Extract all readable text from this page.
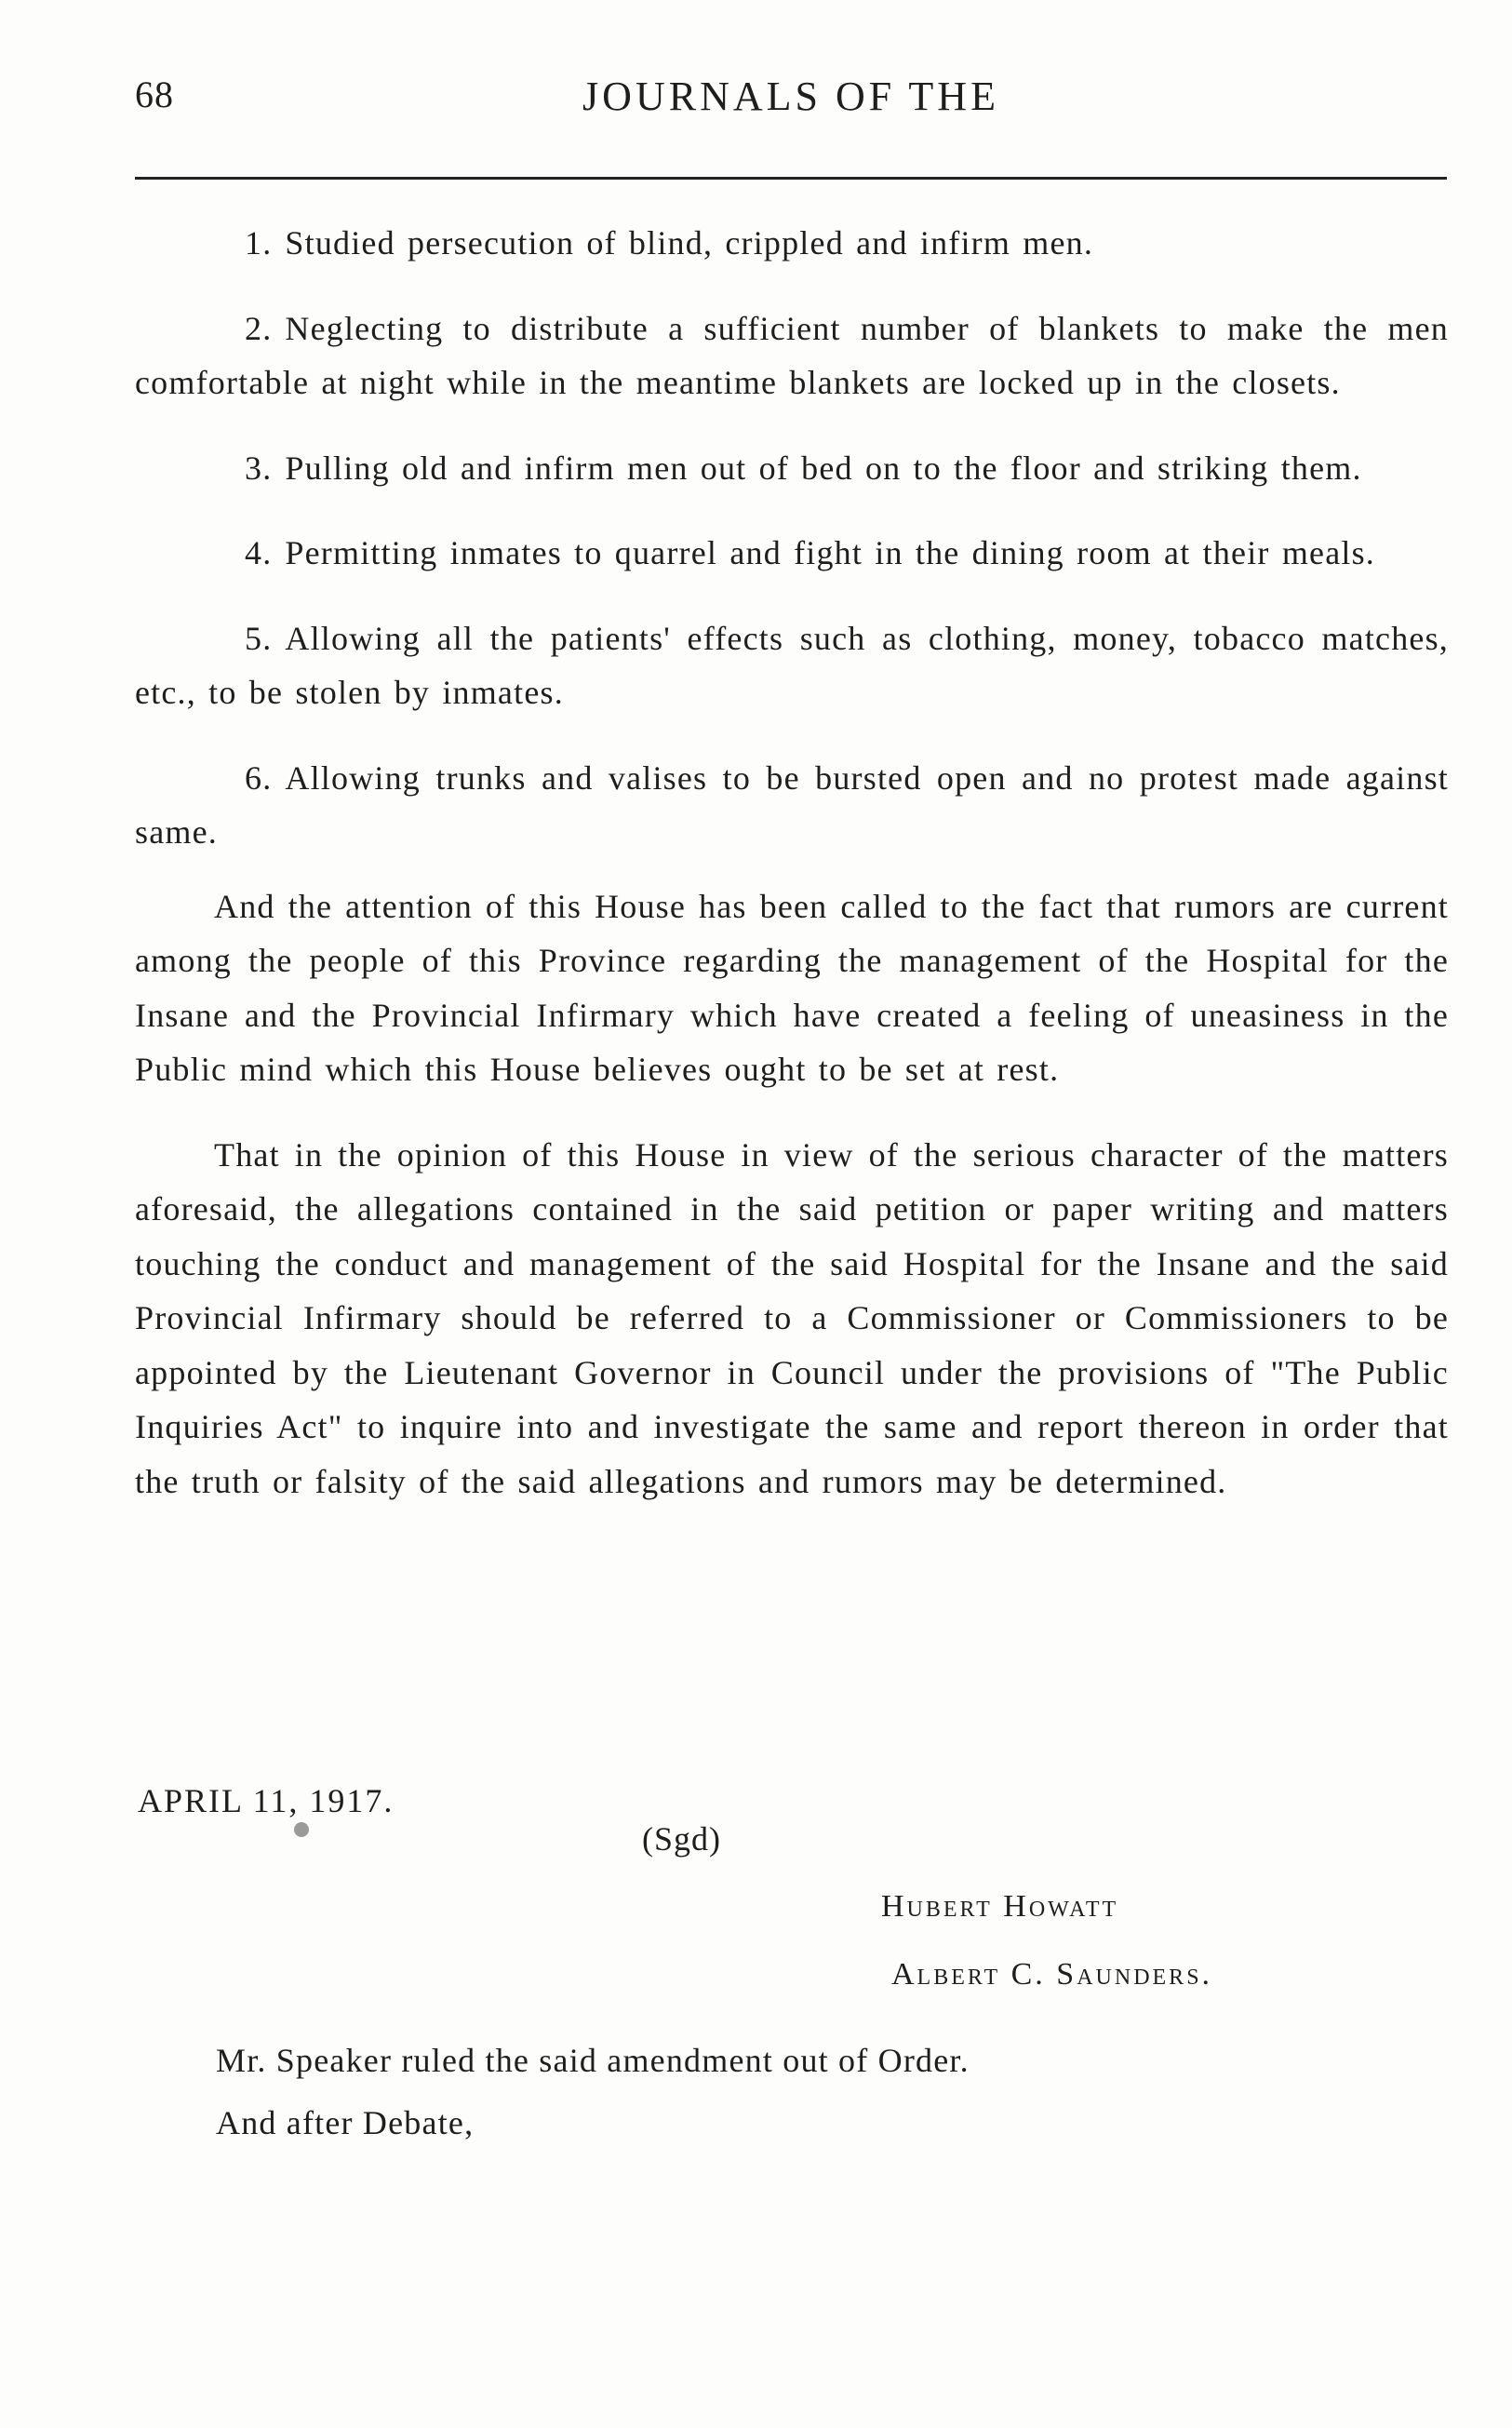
68	JOURNALS OF THE

1. Studied persecution of blind, crippled and infirm men.

2. Neglecting to distribute a sufficient number of blankets to make the men comfortable at night while in the meantime blankets are locked up in the closets.

3. Pulling old and infirm men out of bed on to the floor and striking them.

4. Permitting inmates to quarrel and fight in the dining room at their meals.

5. Allowing all the patients' effects such as clothing, money, tobacco matches, etc., to be stolen by inmates.

6. Allowing trunks and valises to be bursted open and no protest made against same.

And the attention of this House has been called to the fact that rumors are current among the people of this Province regarding the management of the Hospital for the Insane and the Provincial Infirmary which have created a feeling of uneasiness in the Public mind which this House believes ought to be set at rest.

That in the opinion of this House in view of the serious character of the matters aforesaid, the allegations contained in the said petition or paper writing and matters touching the conduct and management of the said Hospital for the Insane and the said Provincial Infirmary should be referred to a Commissioner or Commissioners to be appointed by the Lieutenant Governor in Council under the provisions of "The Public Inquiries Act" to inquire into and investigate the same and report thereon in order that the truth or falsity of the said allegations and rumors may be determined.

APRIL 11, 1917.
(Sgd)
Hubert Howatt
Albert C. Saunders.
Mr. Speaker ruled the said amendment out of Order.
And after Debate,
